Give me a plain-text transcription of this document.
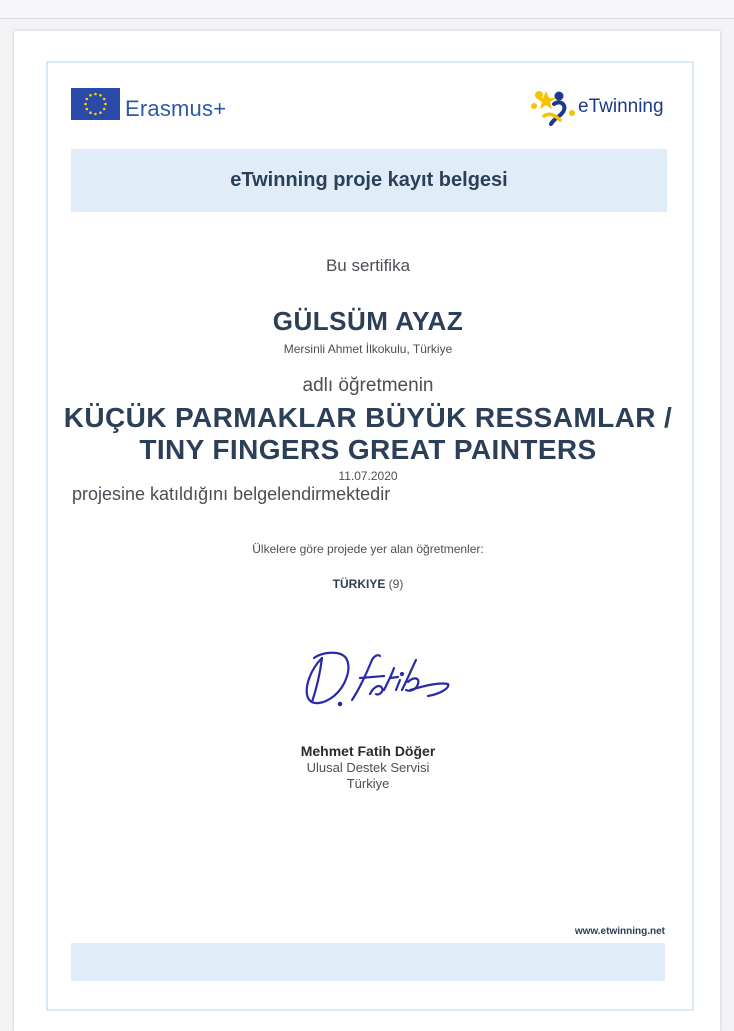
Erasmus+	eTwinning
eTwinning proje kayıt belgesi
Bu sertifika
GÜLSÜM AYAZ
Mersinli Ahmet İlkokulu, Türkiye
adlı öğretmenin
KÜÇÜK PARMAKLAR BÜYÜK RESSAMLAR /
TINY FINGERS GREAT PAINTERS
11.07.2020
projesine katıldığını belgelendirmektedir
Ülkelere göre projede yer alan öğretmenler:
TÜRKIYE (9)
Mehmet Fatih Döğer
Ulusal Destek Servisi
Türkiye
www.etwinning.net
